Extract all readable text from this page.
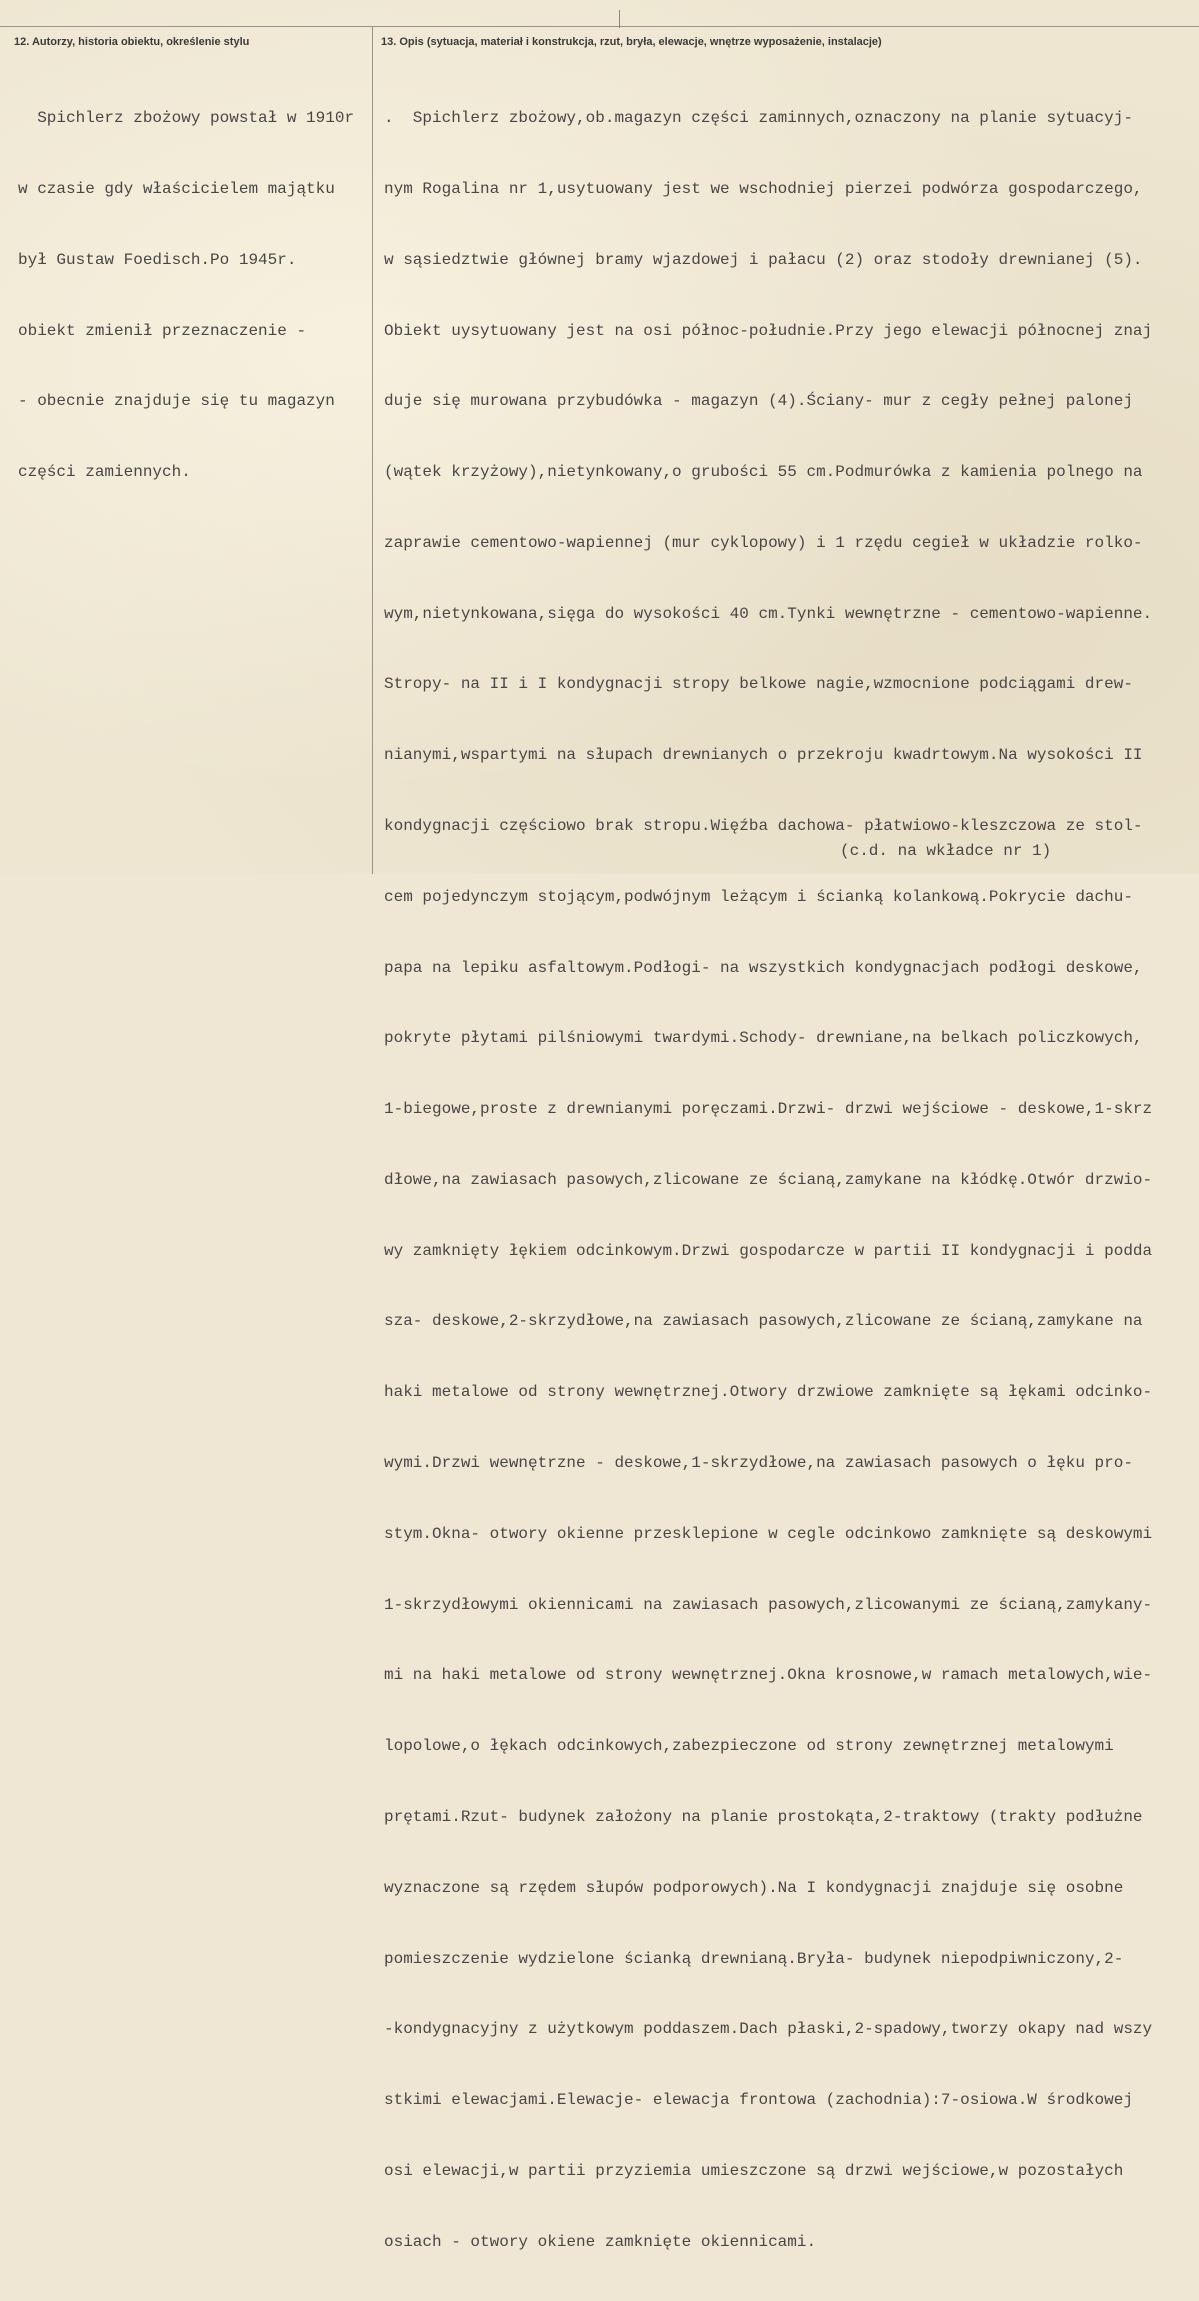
12. Autorzy, historia obiektu, określenie stylu	13. Opis (sytuacja, materiał i konstrukcja, rzut, bryła, elewacje, wnętrze wyposażenie, instalacje)

Spichlerz zbożowy powstał w 1910r

w czasie gdy właścicielem majątku

był Gustaw Foedisch.Po 1945r.

obiekt zmienił przeznaczenie -

- obecnie znajduje się tu magazyn

części zamiennych.

.  Spichlerz zbożowy,ob.magazyn części zaminnych,oznaczony na planie sytuacyj-

nym Rogalina nr 1,usytuowany jest we wschodniej pierzei podwórza gospodarczego,

w sąsiedztwie głównej bramy wjazdowej i pałacu (2) oraz stodoły drewnianej (5).

Obiekt uysytuowany jest na osi północ-południe.Przy jego elewacji północnej znaj

duje się murowana przybudówka - magazyn (4).Ściany- mur z cegły pełnej palonej

(wątek krzyżowy),nietynkowany,o grubości 55 cm.Podmurówka z kamienia polnego na

zaprawie cementowo-wapiennej (mur cyklopowy) i 1 rzędu cegieł w układzie rolko-

wym,nietynkowana,sięga do wysokości 40 cm.Tynki wewnętrzne - cementowo-wapienne.

Stropy- na II i I kondygnacji stropy belkowe nagie,wzmocnione podciągami drew-

nianymi,wspartymi na słupach drewnianych o przekroju kwadrtowym.Na wysokości II

kondygnacji częściowo brak stropu.Więźba dachowa- płatwiowo-kleszczowa ze stol-

cem pojedynczym stojącym,podwójnym leżącym i ścianką kolankową.Pokrycie dachu-

papa na lepiku asfaltowym.Podłogi- na wszystkich kondygnacjach podłogi deskowe,

pokryte płytami pilśniowymi twardymi.Schody- drewniane,na belkach policzkowych,

1-biegowe,proste z drewnianymi poręczami.Drzwi- drzwi wejściowe - deskowe,1-skrz

dłowe,na zawiasach pasowych,zlicowane ze ścianą,zamykane na kłódkę.Otwór drzwio-

wy zamknięty łękiem odcinkowym.Drzwi gospodarcze w partii II kondygnacji i podda

sza- deskowe,2-skrzydłowe,na zawiasach pasowych,zlicowane ze ścianą,zamykane na

haki metalowe od strony wewnętrznej.Otwory drzwiowe zamknięte są łękami odcinko-

wymi.Drzwi wewnętrzne - deskowe,1-skrzydłowe,na zawiasach pasowych o łęku pro-

stym.Okna- otwory okienne przesklepione w cegle odcinkowo zamknięte są deskowymi

1-skrzydłowymi okiennicami na zawiasach pasowych,zlicowanymi ze ścianą,zamykany-

mi na haki metalowe od strony wewnętrznej.Okna krosnowe,w ramach metalowych,wie-

lopolowe,o łękach odcinkowych,zabezpieczone od strony zewnętrznej metalowymi

prętami.Rzut- budynek założony na planie prostokąta,2-traktowy (trakty podłużne

wyznaczone są rzędem słupów podporowych).Na I kondygnacji znajduje się osobne

pomieszczenie wydzielone ścianką drewnianą.Bryła- budynek niepodpiwniczony,2-

-kondygnacyjny z użytkowym poddaszem.Dach płaski,2-spadowy,tworzy okapy nad wszy

stkimi elewacjami.Elewacje- elewacja frontowa (zachodnia):7-osiowa.W środkowej

osi elewacji,w partii przyziemia umieszczone są drzwi wejściowe,w pozostałych

osiach - otwory okiene zamknięte okiennicami.

(c.d. na wkładce nr 1)
